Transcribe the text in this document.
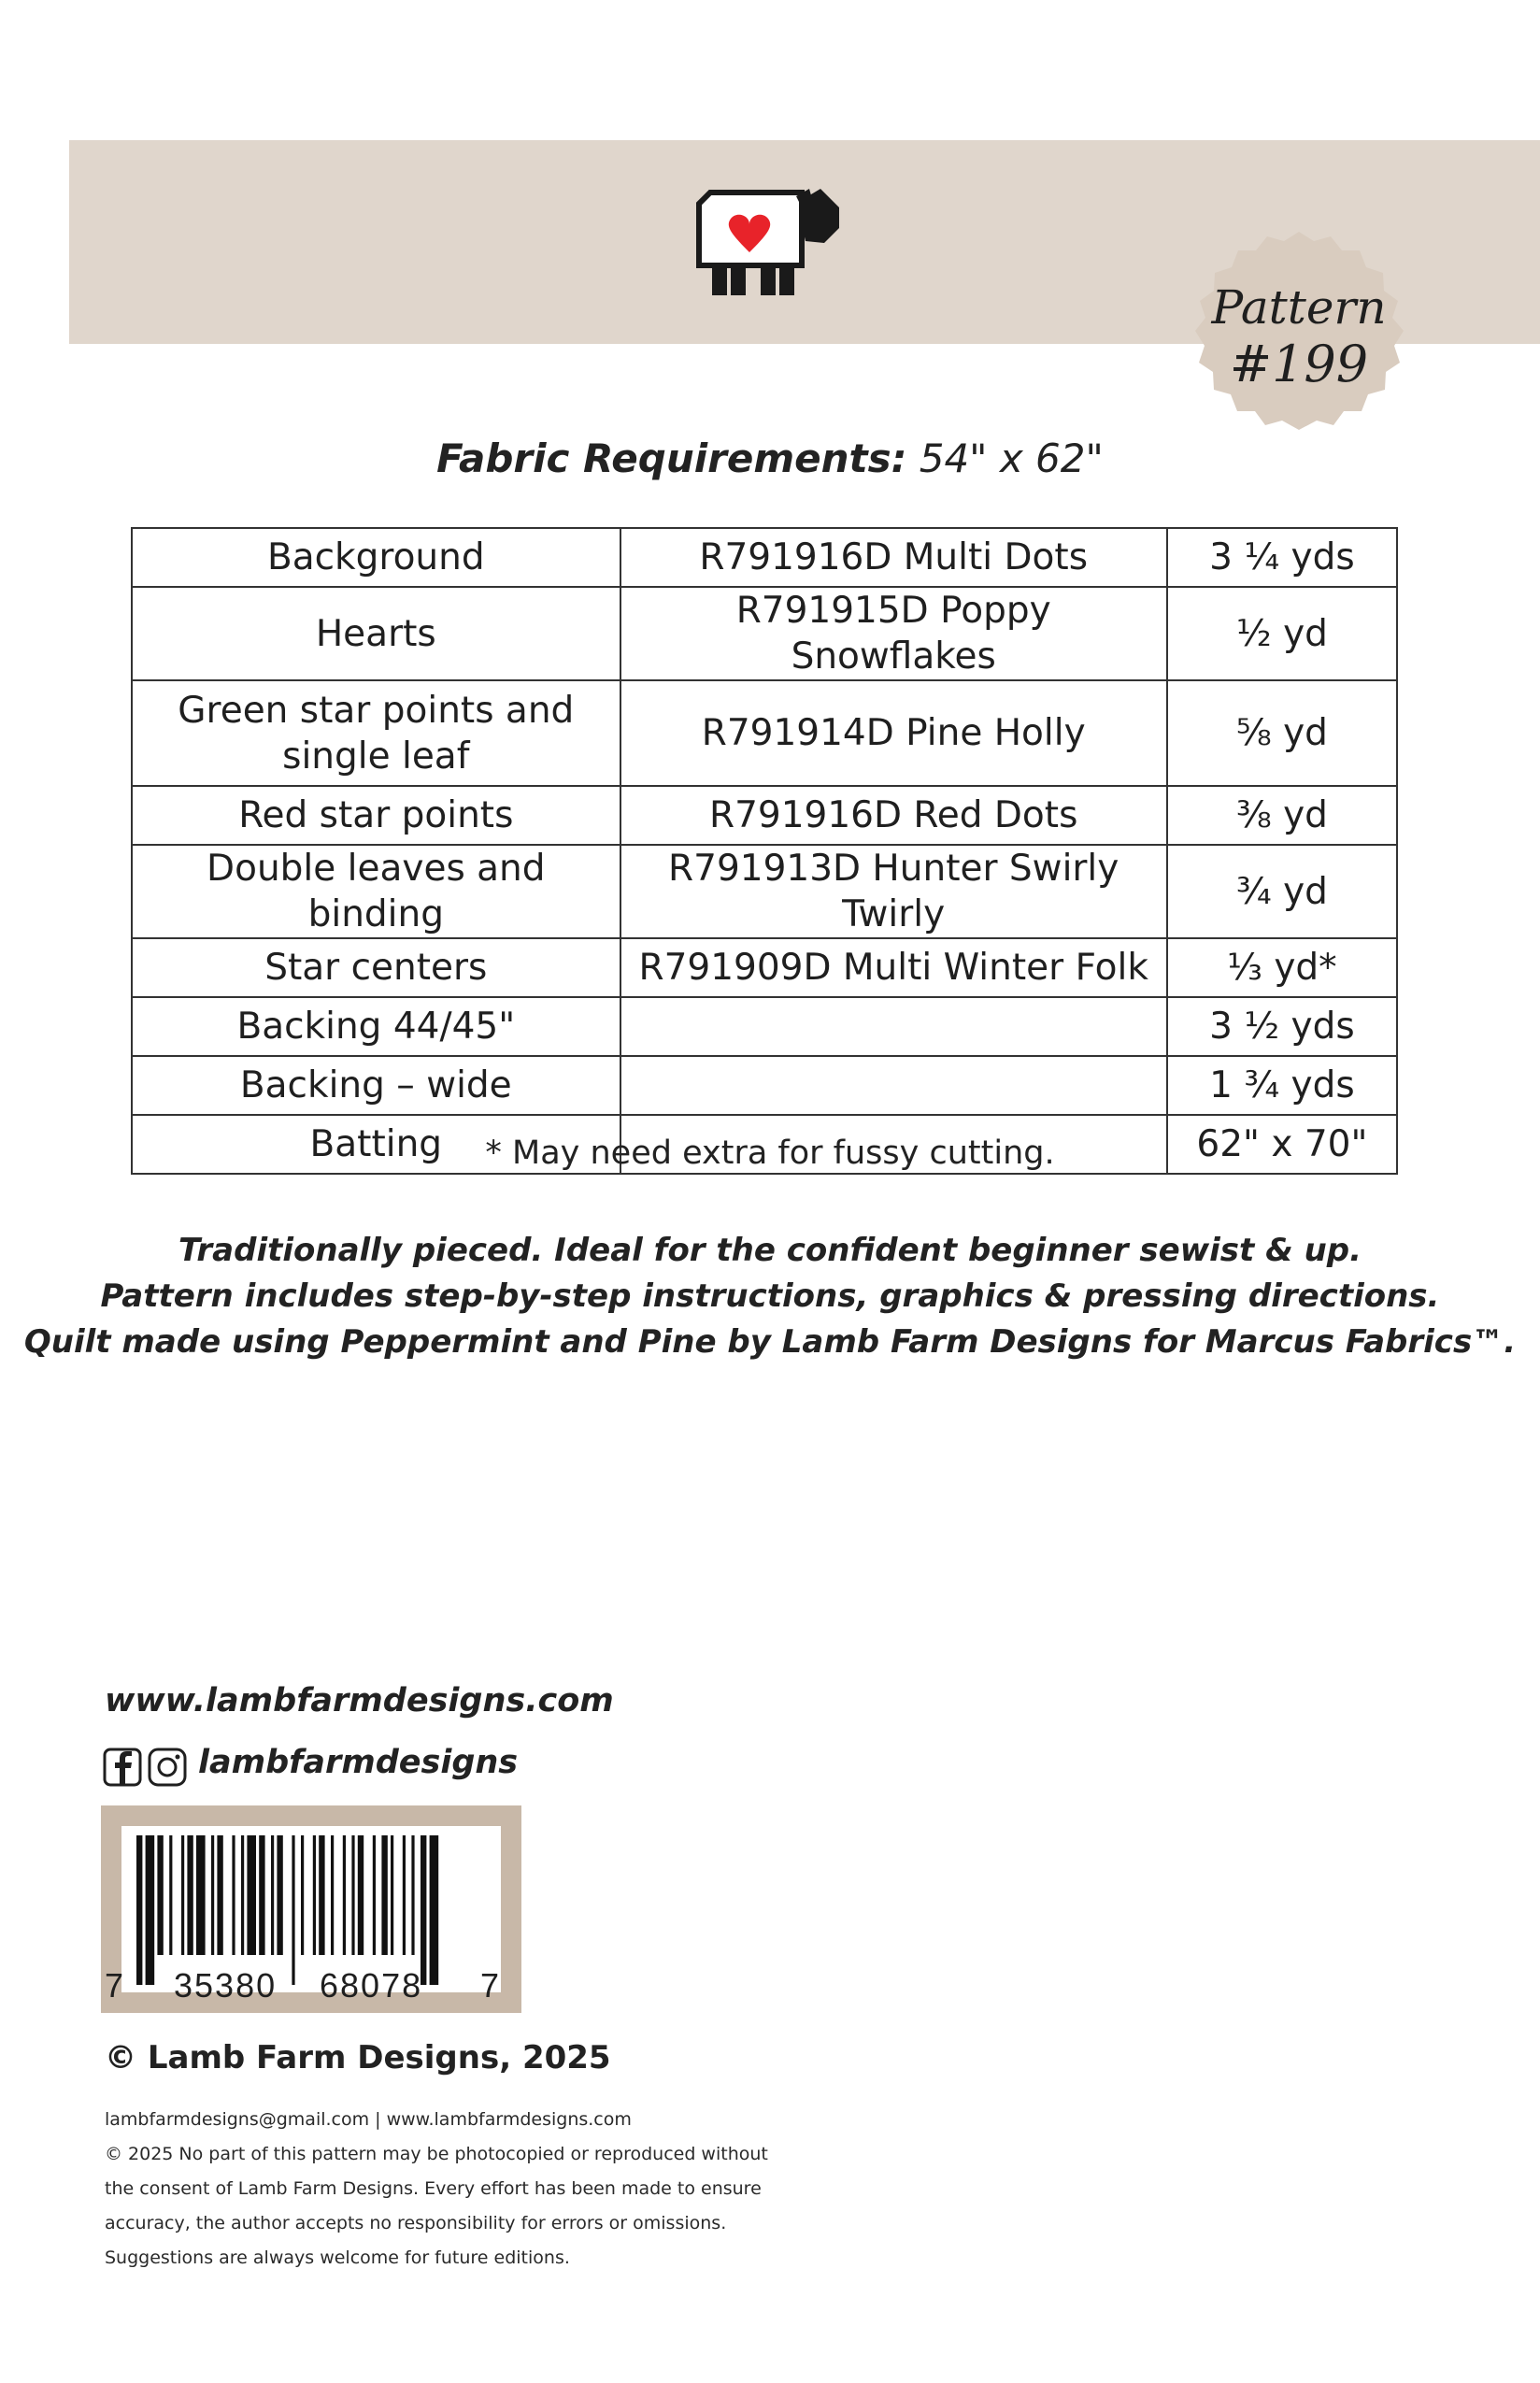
Pattern
#199
Fabric Requirements: 54" x 62"
Background	R791916D Multi Dots	3 ¼ yds
Hearts	R791915D Poppy Snowflakes	½ yd
Green star points and single leaf	R791914D Pine Holly	⅝ yd
Red star points	R791916D Red Dots	⅜ yd
Double leaves and binding	R791913D Hunter Swirly Twirly	¾ yd
Star centers	R791909D Multi Winter Folk	⅓ yd*
Backing 44/45"		3 ½ yds
Backing – wide		1 ¾ yds
Batting		62" x 70"
* May need extra for fussy cutting.
Traditionally pieced. Ideal for the confident beginner sewist & up.
Pattern includes step-by-step instructions, graphics & pressing directions.
Quilt made using Peppermint and Pine by Lamb Farm Designs for Marcus Fabrics™.
www.lambfarmdesigns.com
lambfarmdesigns
7 35380 68078 7
© Lamb Farm Designs, 2025
lambfarmdesigns@gmail.com | www.lambfarmdesigns.com
© 2025 No part of this pattern may be photocopied or reproduced without
the consent of Lamb Farm Designs. Every effort has been made to ensure
accuracy, the author accepts no responsibility for errors or omissions.
Suggestions are always welcome for future editions.
